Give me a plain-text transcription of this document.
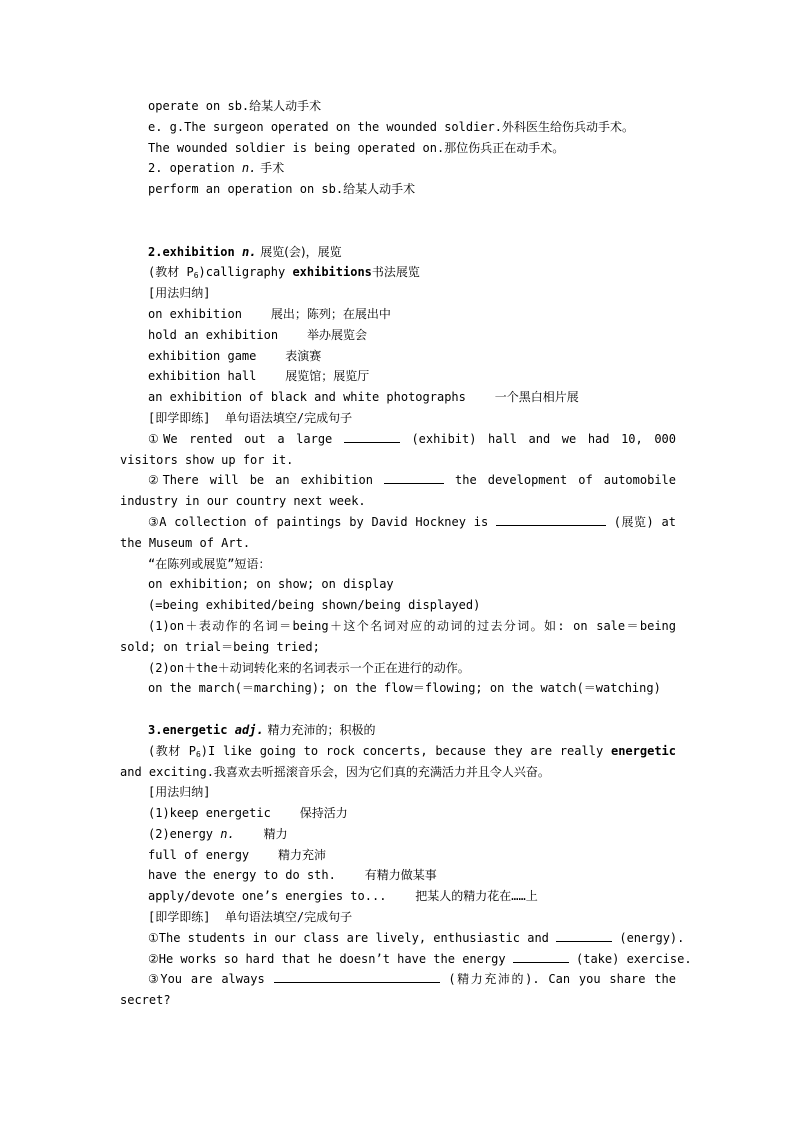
operate on sb.给某人动手术
e. g.The surgeon operated on the wounded soldier.外科医生给伤兵动手术。
The wounded soldier is being operated on.那位伤兵正在动手术。
2. operation n. 手术
perform an operation on sb.给某人动手术
2.exhibition n. 展览(会)，展览
(教材 $P_6)calligraphy$ exhibitions书法展览
[用法归纳]
on exhibition    展出；陈列；在展出中
hold an exhibition    举办展览会
exhibition game    表演赛
exhibition hall    展览馆；展览厅
an exhibition of black and white photographs    一个黑白相片展
[即学即练]  单句语法填空/完成句子
①We rented out a large	(exhibit) hall and we had 10, 000 visitors show up for it.
②There will be an exhibition	the development of automobile industry in our country next week.
③A collection of paintings by David Hockney is	(展览) at the Museum of Art.
“在陈列或展览”短语：
on exhibition; on show; on display
(=being exhibited/being shown/being displayed)
(1)on＋表动作的名词＝being＋这个名词对应的动词的过去分词。如: on sale＝being sold; on trial＝being tried;
(2)on＋the＋动词转化来的名词表示一个正在进行的动作。
on the march(＝marching); on the flow＝flowing; on the watch(＝watching)
3.energetic adj. 精力充沛的；积极的
(教材 $P_6)I$ like going to rock concerts, because they are really energetic and exciting.我喜欢去听摇滚音乐会，因为它们真的充满活力并且令人兴奋。
[用法归纳]
(1)keep energetic    保持活力
(2)energy n.    精力
full of energy    精力充沛
have the energy to do sth.    有精力做某事
apply/devote one’s energies to...    把某人的精力花在……上
[即学即练]  单句语法填空/完成句子
①The students in our class are lively, enthusiastic and	(energy).
②He works so hard that he doesn’t have the energy	(take) exercise.
③You are always	(精力充沛的). Can you share the secret?
